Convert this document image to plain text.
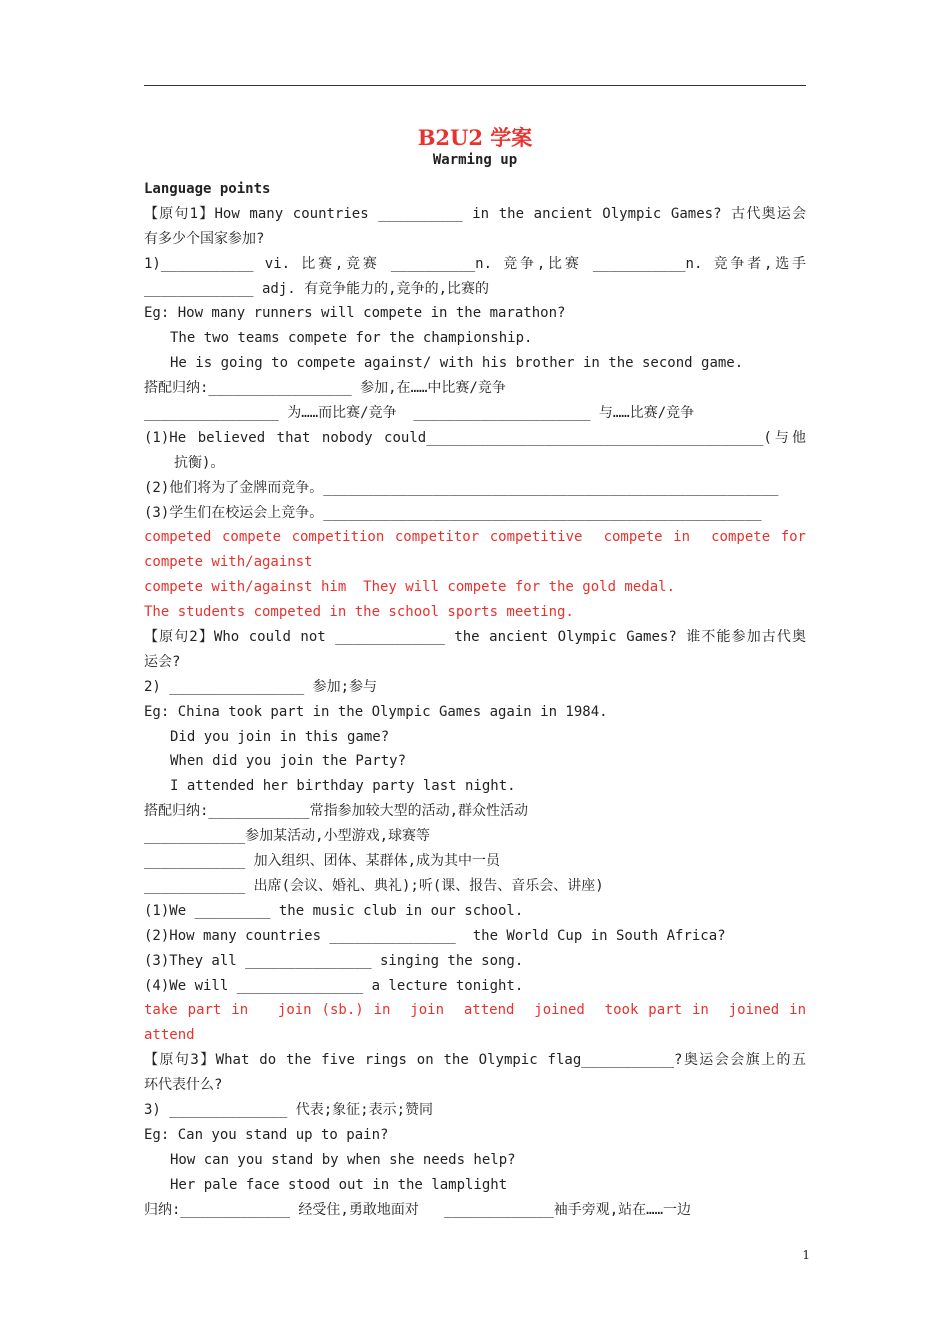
B2U2 学案
Warming up
Language points
【原句1】How many countries __________ in the ancient Olympic Games? 古代奥运会
有多少个国家参加?
1)___________ vi. 比赛,竞赛 __________n. 竞争,比赛 ___________n. 竞争者,选手
_____________ adj. 有竞争能力的,竞争的,比赛的
Eg: How many runners will compete in the marathon?
The two teams compete for the championship.
He is going to compete against/ with his brother in the second game.
搭配归纳:_________________ 参加,在……中比赛/竞争
________________ 为……而比赛/竞争  _____________________ 与……比赛/竞争
(1)He believed that nobody could________________________________________(与他
抗衡)。
(2)他们将为了金牌而竞争。______________________________________________________
(3)学生们在校运会上竞争。____________________________________________________
competed compete competition competitor competitive  compete in  compete for
compete with/against
compete with/against him  They will compete for the gold medal.
The students competed in the school sports meeting.
【原句2】Who could not _____________ the ancient Olympic Games? 谁不能参加古代奥
运会?
2) ________________ 参加;参与
Eg: China took part in the Olympic Games again in 1984.
Did you join in this game?
When did you join the Party?
I attended her birthday party last night.
搭配归纳:____________常指参加较大型的活动,群众性活动
____________参加某活动,小型游戏,球赛等
____________ 加入组织、团体、某群体,成为其中一员
____________ 出席(会议、婚礼、典礼);听(课、报告、音乐会、讲座)
(1)We _________ the music club in our school.
(2)How many countries _______________  the World Cup in South Africa?
(3)They all _______________ singing the song.
(4)We will _______________ a lecture tonight.
take part in   join (sb.) in  join  attend  joined  took part in  joined in
attend
【原句3】What do the five rings on the Olympic flag___________?奥运会会旗上的五
环代表什么?
3) ______________ 代表;象征;表示;赞同
Eg: Can you stand up to pain?
How can you stand by when she needs help?
Her pale face stood out in the lamplight
归纳:_____________ 经受住,勇敢地面对   _____________袖手旁观,站在……一边
1
